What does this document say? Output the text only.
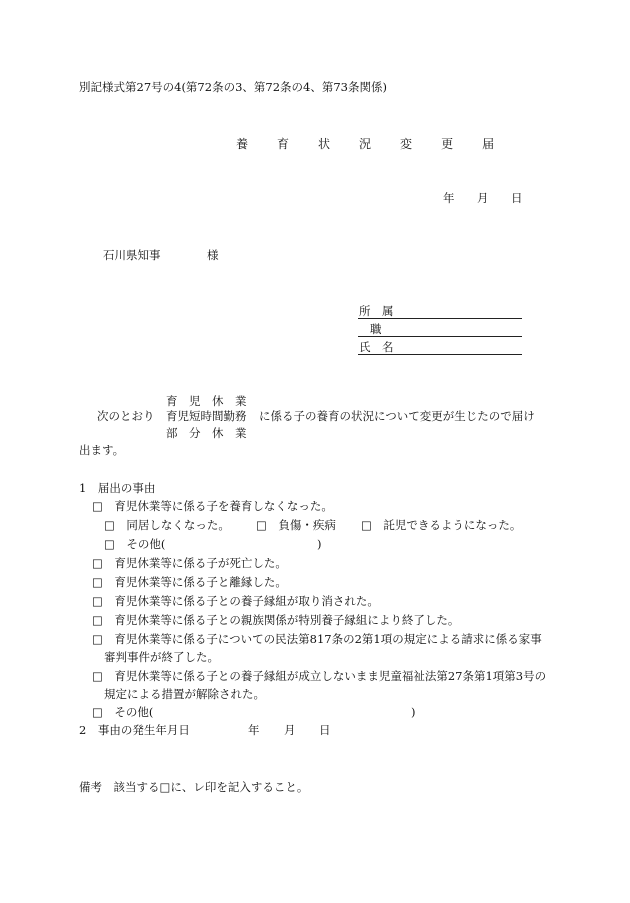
別記様式第27号の4(第72条の3、第72条の4、第73条関係)
養 育 状 況 変 更 届
年 月 日
石川県知事	様
所　属
職
氏　名
育　児　休　業
次のとおり 育児短時間勤務 に係る子の養育の状況について変更が生じたので届け
部　分　休　業
出ます。
1　届出の事由
□　育児休業等に係る子を養育しなくなった。
□　同居しなくなった。 □　負傷・疾病 □　託児できるようになった。
□　その他(	)
□　育児休業等に係る子が死亡した。
□　育児休業等に係る子と離縁した。
□　育児休業等に係る子との養子縁組が取り消された。
□　育児休業等に係る子との親族関係が特別養子縁組により終了した。
□　育児休業等に係る子についての民法第817条の2第1項の規定による請求に係る家事
審判事件が終了した。
□　育児休業等に係る子との養子縁組が成立しないまま児童福祉法第27条第1項第3号の
規定による措置が解除された。
□　その他(	)
2　事由の発生年月日	年 月 日
備考　該当する□に、レ印を記入すること。
